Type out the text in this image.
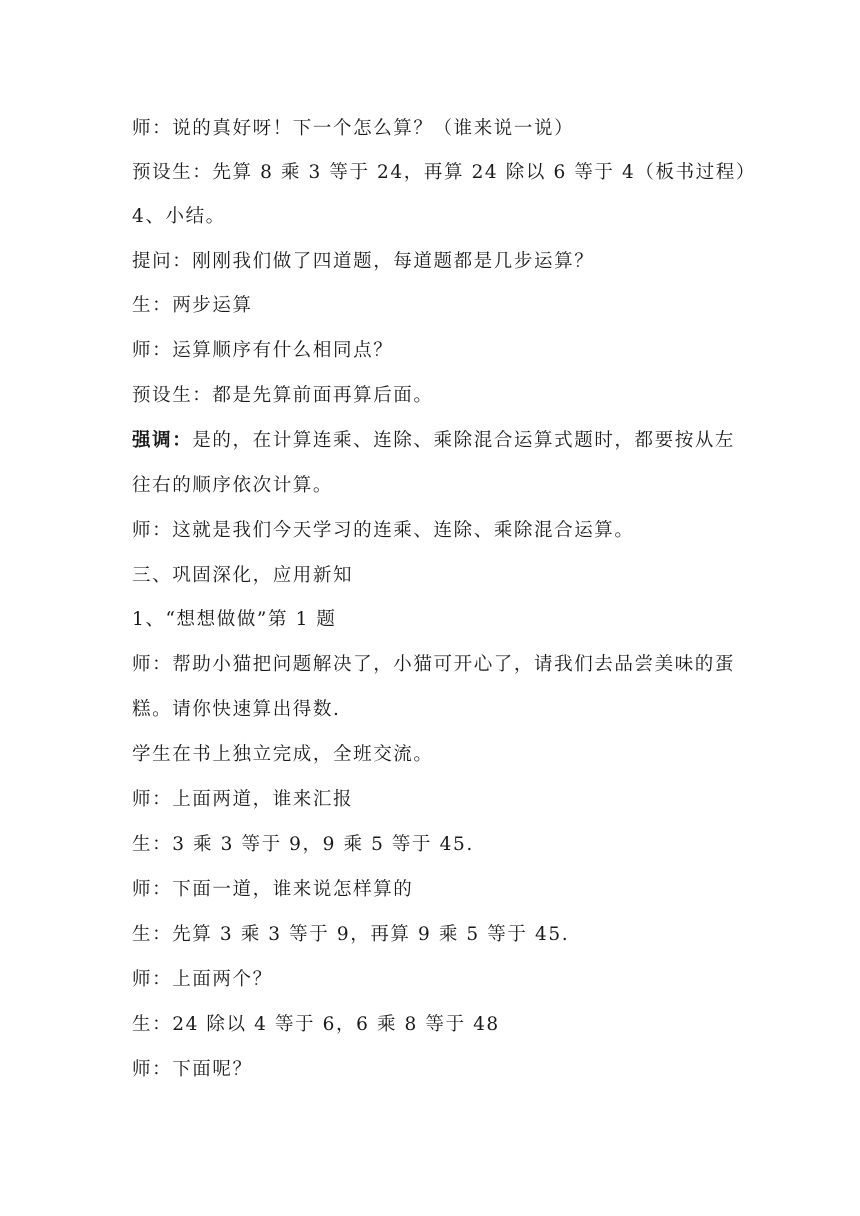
师：说的真好呀！下一个怎么算？（谁来说一说）
预设生：先算 8 乘 3 等于 24，再算 24 除以 6 等于 4（板书过程）
4、小结。
提问：刚刚我们做了四道题，每道题都是几步运算？
生：两步运算
师：运算顺序有什么相同点？
预设生：都是先算前面再算后面。
强调：是的，在计算连乘、连除、乘除混合运算式题时，都要按从左
往右的顺序依次计算。
师：这就是我们今天学习的连乘、连除、乘除混合运算。
三、巩固深化，应用新知
1、“想想做做”第 1 题
师：帮助小猫把问题解决了，小猫可开心了，请我们去品尝美味的蛋
糕。请你快速算出得数.
学生在书上独立完成，全班交流。
师：上面两道，谁来汇报
生：3 乘 3 等于 9，9 乘 5 等于 45.
师：下面一道，谁来说怎样算的
生：先算 3 乘 3 等于 9，再算 9 乘 5 等于 45.
师：上面两个？
生：24 除以 4 等于 6，6 乘 8 等于 48
师：下面呢？
